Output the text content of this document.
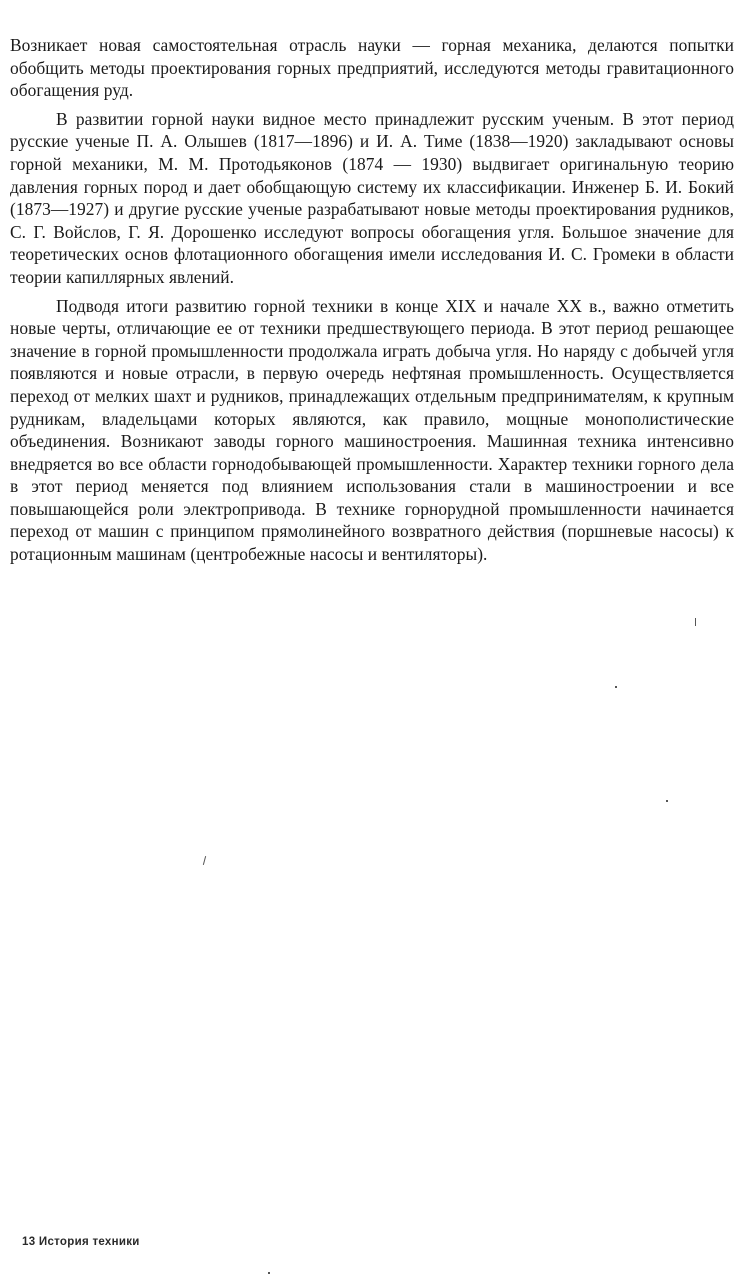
Возникает новая самостоятельная отрасль науки — горная механика, делаются попытки обобщить методы проектирования горных предприятий, исследуются методы гравитационного обогащения руд.

В развитии горной науки видное место принадлежит русским ученым. В этот период русские ученые П. А. Олышев (1817—1896) и И. А. Тиме (1838—1920) закладывают основы горной механики, М. М. Протодьяконов (1874 — 1930) выдвигает оригинальную теорию давления горных пород и дает обобщающую систему их классификации. Инженер Б. И. Бокий (1873—1927) и другие русские ученые разрабатывают новые методы проектирования рудников, С. Г. Войслов, Г. Я. Дорошенко исследуют вопросы обогащения угля. Большое значение для теоретических основ флотационного обогащения имели исследования И. С. Громеки в области теории капиллярных явлений.

Подводя итоги развитию горной техники в конце XIX и начале XX в., важно отметить новые черты, отличающие ее от техники предшествующего периода. В этот период решающее значение в горной промышленности продолжала играть добыча угля. Но наряду с добычей угля появляются и новые отрасли, в первую очередь нефтяная промышленность. Осуществляется переход от мелких шахт и рудников, принадлежащих отдельным предпринимателям, к крупным рудникам, владельцами которых являются, как правило, мощные монополистические объединения. Возникают заводы горного машиностроения. Машинная техника интенсивно внедряется во все области горнодобывающей промышленности. Характер техники горного дела в этот период меняется под влиянием использования стали в машиностроении и все повышающейся роли электропривода. В технике горнорудной промышленности начинается переход от машин с принципом прямолинейного возвратного действия (поршневые насосы) к ротационным машинам (центробежные насосы и вентиляторы).

13 История техники
